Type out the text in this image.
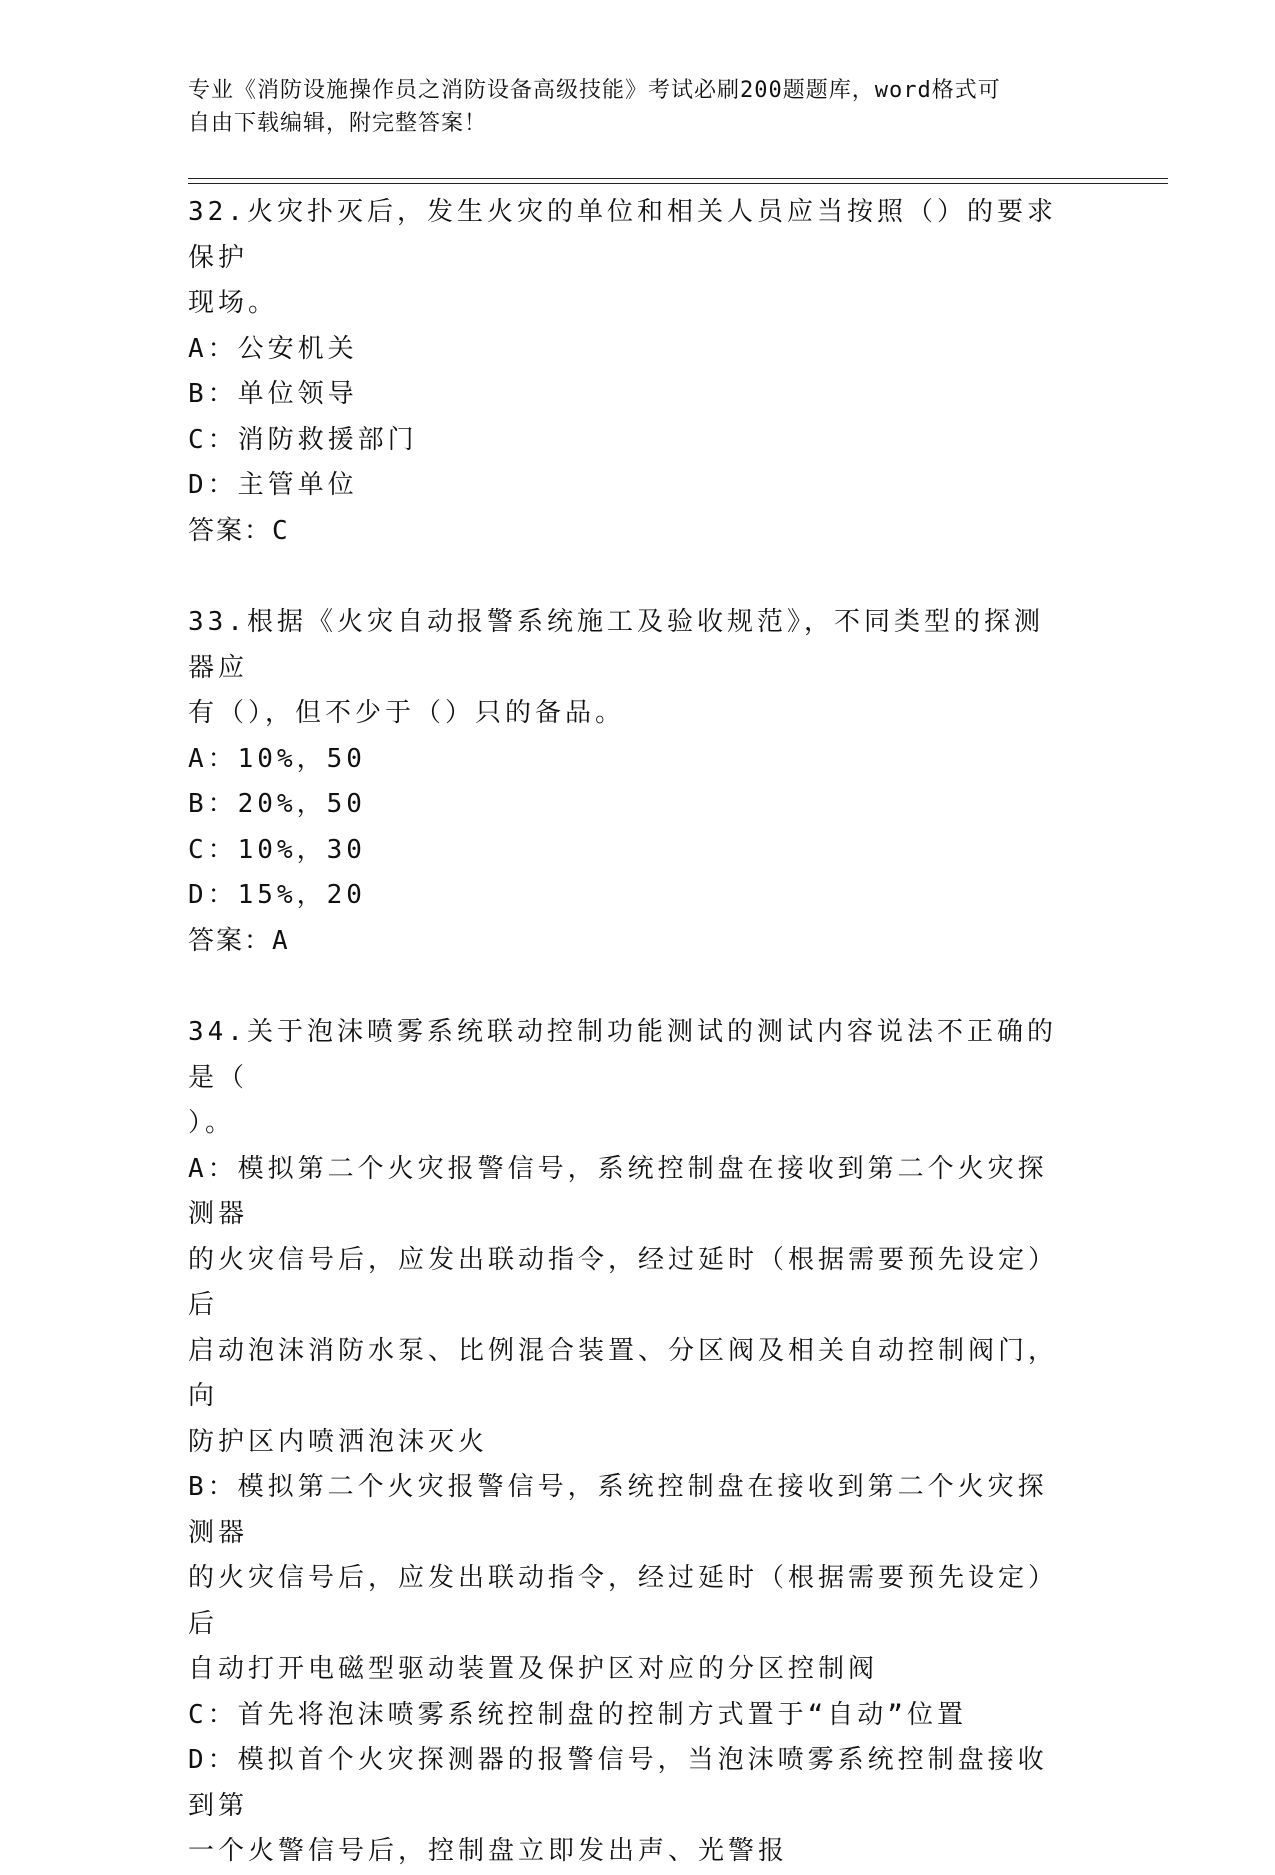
专业《消防设施操作员之消防设备高级技能》考试必刷200题题库，word格式可
自由下载编辑，附完整答案！

32.火灾扑灭后，发生火灾的单位和相关人员应当按照（）的要求保护

现场。

A：公安机关

B：单位领导

C：消防救援部门

D：主管单位

答案：C

33.根据《火灾自动报警系统施工及验收规范》，不同类型的探测器应

有（），但不少于（）只的备品。

A：10%，50

B：20%，50

C：10%，30

D：15%，20

答案：A

34.关于泡沫喷雾系统联动控制功能测试的测试内容说法不正确的是（

）。

A：模拟第二个火灾报警信号，系统控制盘在接收到第二个火灾探测器

的火灾信号后，应发出联动指令，经过延时（根据需要预先设定）后

启动泡沫消防水泵、比例混合装置、分区阀及相关自动控制阀门，向

防护区内喷洒泡沫灭火

B：模拟第二个火灾报警信号，系统控制盘在接收到第二个火灾探测器

的火灾信号后，应发出联动指令，经过延时（根据需要预先设定）后

自动打开电磁型驱动装置及保护区对应的分区控制阀

C：首先将泡沫喷雾系统控制盘的控制方式置于“自动”位置

D：模拟首个火灾探测器的报警信号，当泡沫喷雾系统控制盘接收到第

一个火警信号后，控制盘立即发出声、光警报
